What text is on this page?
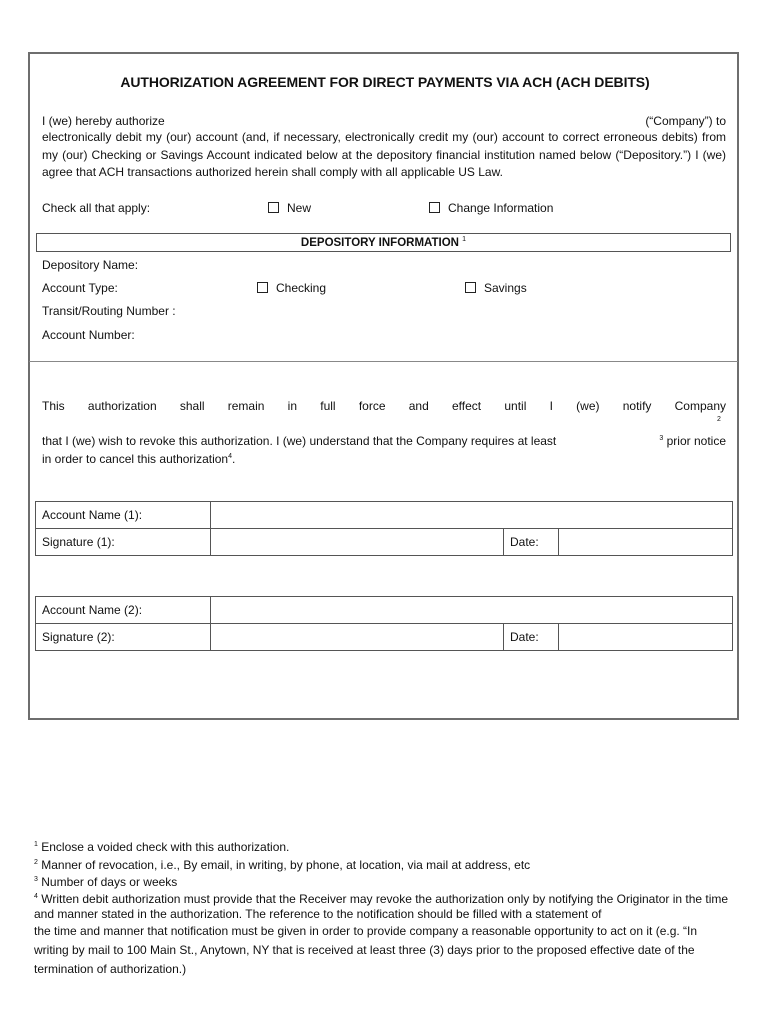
AUTHORIZATION AGREEMENT FOR DIRECT PAYMENTS VIA ACH (ACH DEBITS)
I (we) hereby authorize	(“Company”) to
electronically debit my (our) account (and, if necessary, electronically credit my (our) account to correct erroneous debits) from my (our) Checking or Savings Account indicated below at the depository financial institution named below (“Depository.”) I (we) agree that ACH transactions authorized herein shall comply with all applicable US Law.
Check all that apply:	New	Change Information
DEPOSITORY INFORMATION $^1$
Depository Name:
Account Type:	Checking	Savings
Transit/Routing Number :
Account Number:
This authorization shall remain in full force and effect until I (we) notify Company
2
that I (we) wish to revoke this authorization. I (we) understand that the Company requires at least	$^3$ prior notice
in order to cancel this authorization$^4$.
Account Name (1):			
Signature (1):		Date:	
Account Name (2):			
Signature (2):		Date:	
$^1$ Enclose a voided check with this authorization.
$^2$ Manner of revocation, i.e., By email, in writing, by phone, at location, via mail at address, etc
$^3$ Number of days or weeks
$^4$ Written debit authorization must provide that the Receiver may revoke the authorization only by notifying the Originator in the time and manner stated in the authorization. The reference to the notification should be filled with a statement of
the time and manner that notification must be given in order to provide company a reasonable opportunity to act on it (e.g. “In writing by mail to 100 Main St., Anytown, NY that is received at least three (3) days prior to the proposed effective date of the termination of authorization.)
